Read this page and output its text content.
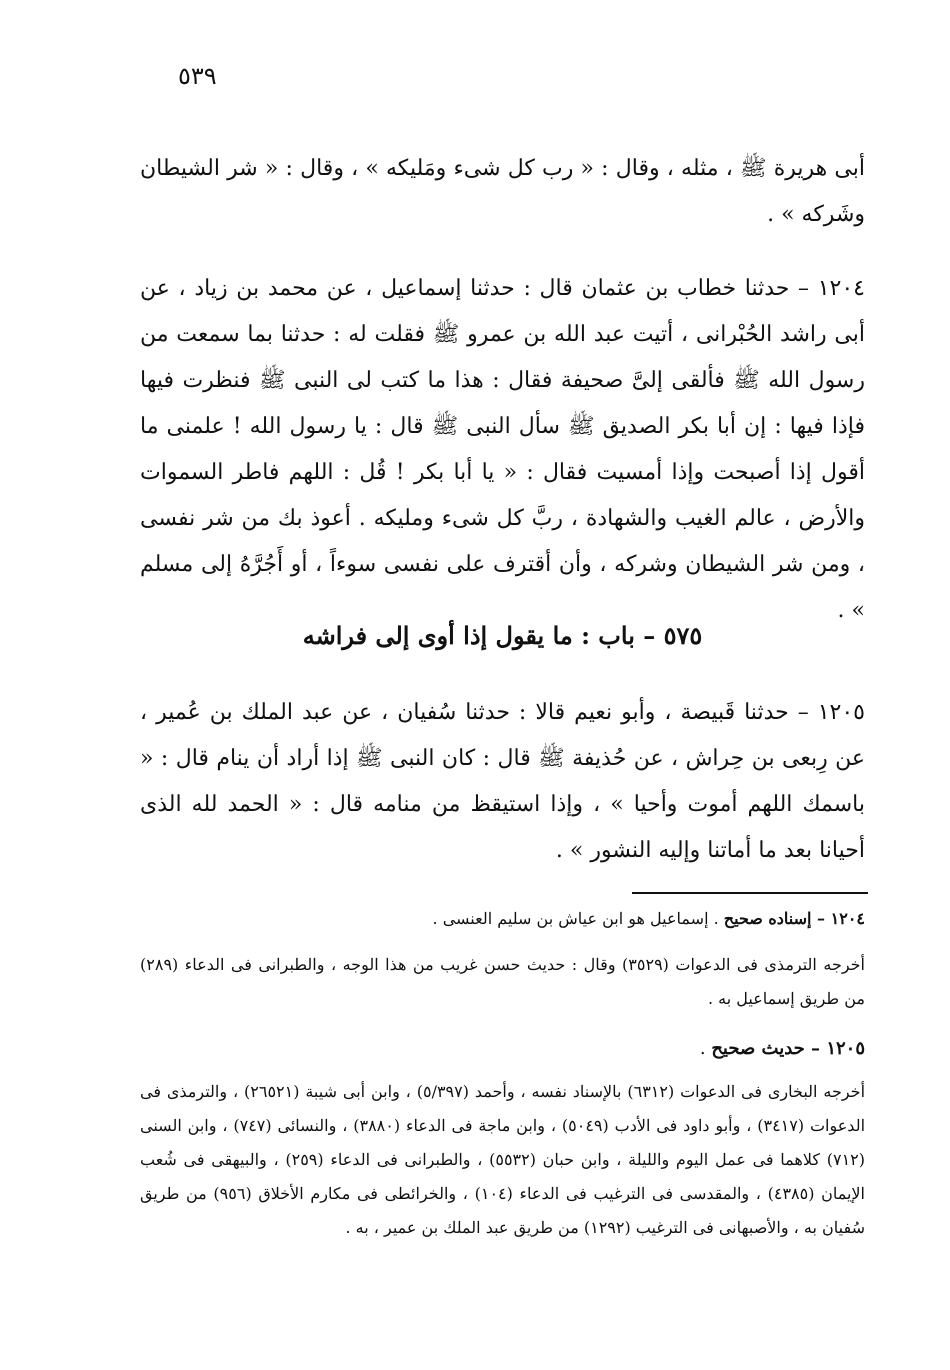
٥٣٩

أبى هريرة ﷺ ، مثله ، وقال : « رب كل شىء ومَليكه » ، وقال : « شر الشيطان وشَركه » .

١٢٠٤ – حدثنا خطاب بن عثمان قال : حدثنا إسماعيل ، عن محمد بن زياد ، عن أبى راشد الحُبْرانى ، أتيت عبد الله بن عمرو ﷺ فقلت له : حدثنا بما سمعت من رسول الله ﷺ فألقى إلىَّ صحيفة فقال : هذا ما كتب لى النبى ﷺ فنظرت فيها فإذا فيها : إن أبا بكر الصديق ﷺ سأل النبى ﷺ قال : يا رسول الله ! علمنى ما أقول إذا أصبحت وإذا أمسيت فقال : « يا أبا بكر ! قُل : اللهم فاطر السموات والأرض ، عالم الغيب والشهادة ، ربَّ كل شىء ومليكه . أعوذ بك من شر نفسى ، ومن شر الشيطان وشركه ، وأن أقترف على نفسى سوءاً ، أو أَجُرَّهُ إلى مسلم » .

٥٧٥ – باب : ما يقول إذا أوى إلى فراشه

١٢٠٥ – حدثنا قَبيصة ، وأبو نعيم قالا : حدثنا سُفيان ، عن عبد الملك بن عُمير ، عن رِبعى بن حِراش ، عن حُذيفة ﷺ قال : كان النبى ﷺ إذا أراد أن ينام قال : « باسمك اللهم أموت وأحيا » ، وإذا استيقظ من منامه قال : « الحمد لله الذى أحيانا بعد ما أماتنا وإليه النشور » .

١٢٠٤ – إسناده صحيح . إسماعيل هو ابن عياش بن سليم العنسى .

أخرجه الترمذى فى الدعوات (٣٥٢٩) وقال : حديث حسن غريب من هذا الوجه ، والطبرانى فى الدعاء (٢٨٩) من طريق إسماعيل به .

١٢٠٥ – حديث صحيح .

أخرجه البخارى فى الدعوات (٦٣١٢) بالإسناد نفسه ، وأحمد (٥/٣٩٧) ، وابن أبى شيبة (٢٦٥٢١) ، والترمذى فى الدعوات (٣٤١٧) ، وأبو داود فى الأدب (٥٠٤٩) ، وابن ماجة فى الدعاء (٣٨٨٠) ، والنسائى (٧٤٧) ، وابن السنى (٧١٢) كلاهما فى عمل اليوم والليلة ، وابن حبان (٥٥٣٢) ، والطبرانى فى الدعاء (٢٥٩) ، والبيهقى فى شُعب الإيمان (٤٣٨٥) ، والمقدسى فى الترغيب فى الدعاء (١٠٤) ، والخرائطى فى مكارم الأخلاق (٩٥٦) من طريق سُفيان به ، والأصبهانى فى الترغيب (١٢٩٢) من طريق عبد الملك بن عمير ، به .
